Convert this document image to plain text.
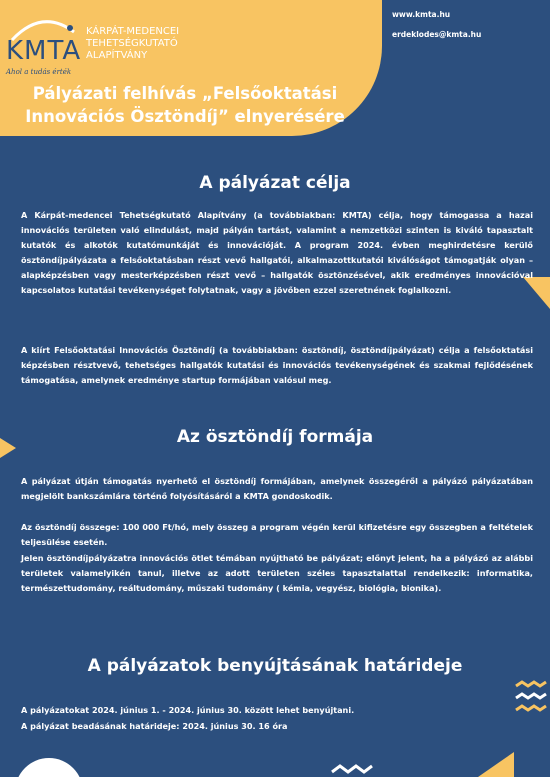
KMTA
Ahol a tudás érték
KÁRPÁT-MEDENCEI
TEHETSÉGKUTATÓ
ALAPÍTVÁNY
www.kmta.hu
erdeklodes@kmta.hu
Pályázati felhívás „Felsőoktatási
Innovációs Ösztöndíj” elnyerésére
A pályázat célja

A Kárpát-medencei Tehetségkutató Alapítvány (a továbbiakban: KMTA) célja, hogy támogassa a hazai innovációs területen való elindulást, majd pályán tartást, valamint a nemzetközi szinten is kiváló tapasztalt kutatók és alkotók kutatómunkáját és innovációját. A program 2024. évben meghirdetésre kerülő ösztöndíjpályázata a felsőoktatásban részt vevő hallgatói, alkalmazottkutatói kiválóságot támogatják olyan – alapképzésben vagy mesterképzésben részt vevő – hallgatók ösztönzésével, akik eredményes innovációval kapcsolatos kutatási tevékenységet folytatnak, vagy a jövőben ezzel szeretnének foglalkozni.

A kiírt Felsőoktatási Innovációs Ösztöndíj (a továbbiakban: ösztöndíj, ösztöndíjpályázat) célja a felsőoktatási képzésben résztvevő, tehetséges hallgatók kutatási és innovációs tevékenységének és szakmai fejlődésének támogatása, amelynek eredménye startup formájában valósul meg.

Az ösztöndíj formája

A pályázat útján támogatás nyerhető el ösztöndíj formájában, amelynek összegéről a pályázó pályázatában megjelölt bankszámlára történő folyósításáról a KMTA gondoskodik.

Az ösztöndíj összege: 100 000 Ft/hó, mely összeg a program végén kerül kifizetésre egy összegben a feltételek teljesülése esetén.

Jelen ösztöndíjpályázatra innovációs ötlet témában nyújtható be pályázat; előnyt jelent, ha a pályázó az alábbi területek valamelyikén tanul, illetve az adott területen széles tapasztalattal rendelkezik: informatika, természettudomány, reáltudomány, műszaki tudomány ( kémia, vegyész, biológia, bionika).

A pályázatok benyújtásának határideje

A pályázatokat 2024. június 1. - 2024. június 30. között lehet benyújtani.

A pályázat beadásának határideje: 2024. június 30. 16 óra
